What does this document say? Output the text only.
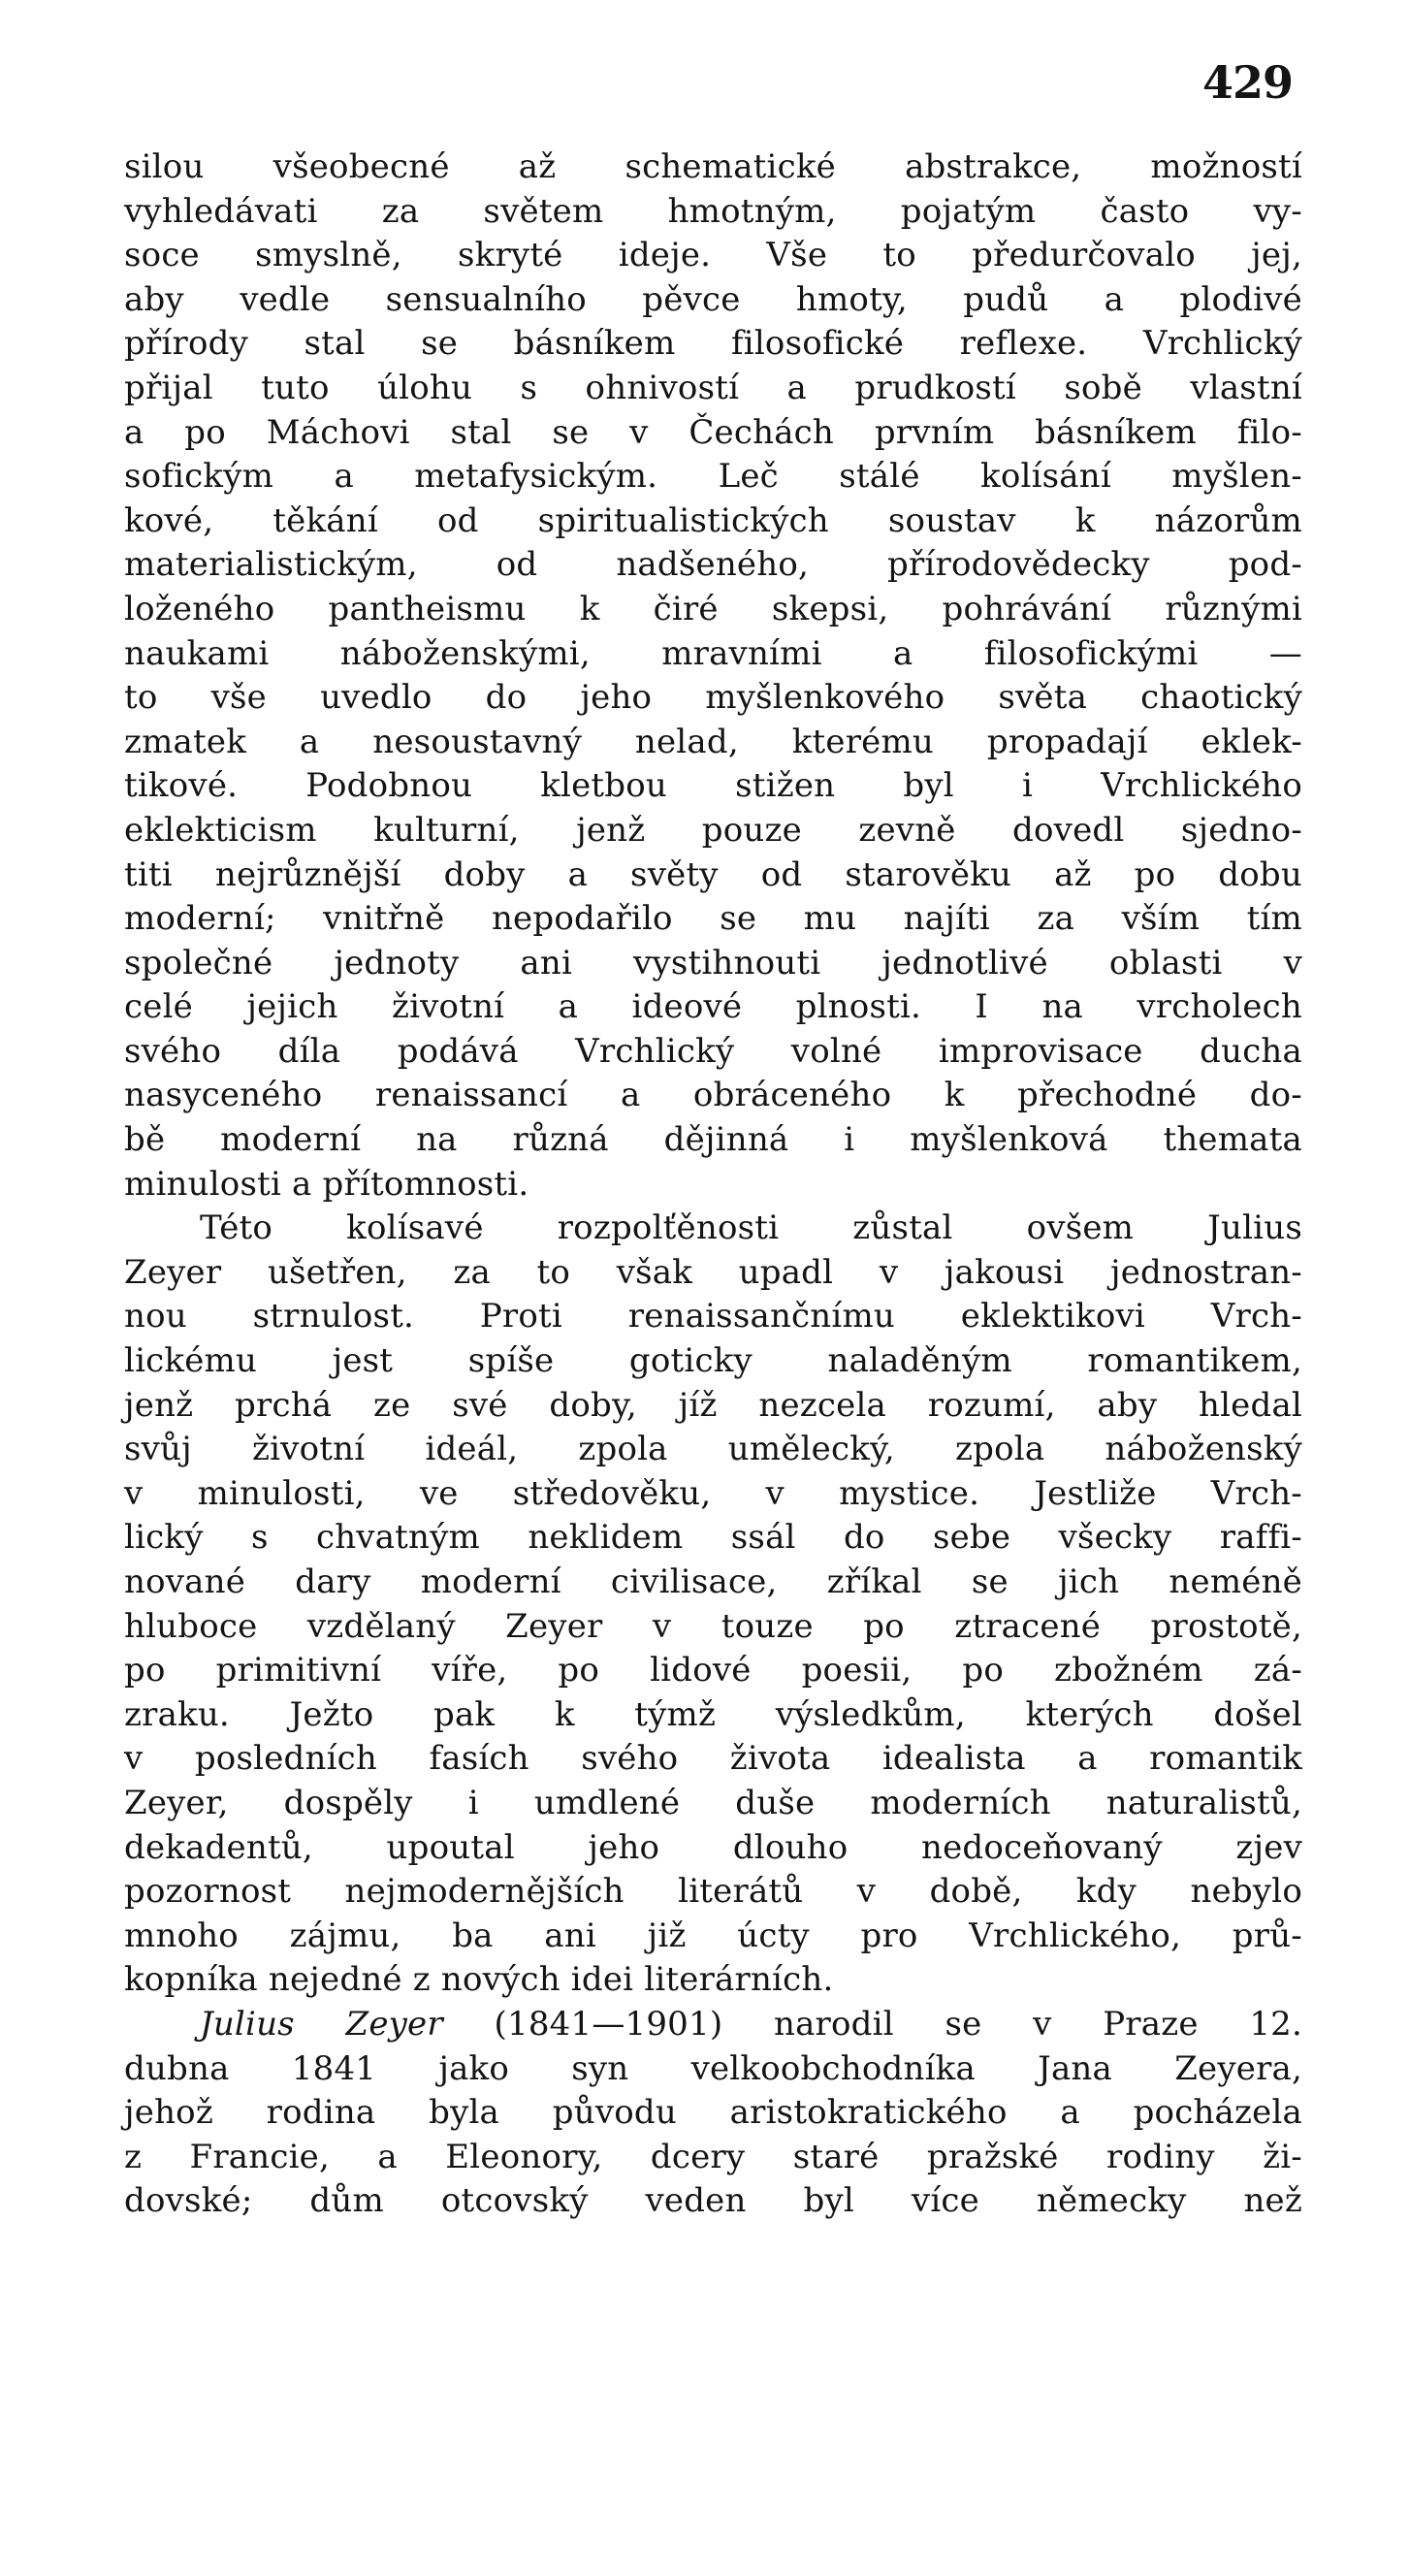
429
silou všeobecné až schematické abstrakce, možností
vyhledávati za světem hmotným, pojatým často vy-
soce smyslně, skryté ideje. Vše to předurčovalo jej,
aby vedle sensualního pěvce hmoty, pudů a plodivé
přírody stal se básníkem filosofické reflexe. Vrchlický
přijal tuto úlohu s ohnivostí a prudkostí sobě vlastní
a po Máchovi stal se v Čechách prvním básníkem filo-
sofickým a metafysickým. Leč stálé kolísání myšlen-
kové, těkání od spiritualistických soustav k názorům
materialistickým, od nadšeného, přírodovědecky pod-
loženého pantheismu k čiré skepsi, pohrávání různými
naukami náboženskými, mravními a filosofickými —
to vše uvedlo do jeho myšlenkového světa chaotický
zmatek a nesoustavný nelad, kterému propadají eklek-
tikové. Podobnou kletbou stižen byl i Vrchlického
eklekticism kulturní, jenž pouze zevně dovedl sjedno-
titi nejrůznější doby a světy od starověku až po dobu
moderní; vnitřně nepodařilo se mu najíti za vším tím
společné jednoty ani vystihnouti jednotlivé oblasti v
celé jejich životní a ideové plnosti. I na vrcholech
svého díla podává Vrchlický volné improvisace ducha
nasyceného renaissancí a obráceného k přechodné do-
bě moderní na různá dějinná i myšlenková themata
minulosti a přítomnosti.
Této kolísavé rozpolťěnosti zůstal ovšem Julius
Zeyer ušetřen, za to však upadl v jakousi jednostran-
nou strnulost. Proti renaissančnímu eklektikovi Vrch-
lickému jest spíše goticky naladěným romantikem,
jenž prchá ze své doby, jíž nezcela rozumí, aby hledal
svůj životní ideál, zpola umělecký, zpola náboženský
v minulosti, ve středověku, v mystice. Jestliže Vrch-
lický s chvatným neklidem ssál do sebe všecky raffi-
nované dary moderní civilisace, zříkal se jich neméně
hluboce vzdělaný Zeyer v touze po ztracené prostotě,
po primitivní víře, po lidové poesii, po zbožném zá-
zraku. Ježto pak k týmž výsledkům, kterých došel
v posledních fasích svého života idealista a romantik
Zeyer, dospěly i umdlené duše moderních naturalistů,
dekadentů, upoutal jeho dlouho nedoceňovaný zjev
pozornost nejmodernějších literátů v době, kdy nebylo
mnoho zájmu, ba ani již úcty pro Vrchlického, prů-
kopníka nejedné z nových idei literárních.
Julius Zeyer (1841—1901) narodil se v Praze 12.
dubna 1841 jako syn velkoobchodníka Jana Zeyera,
jehož rodina byla původu aristokratického a pocházela
z Francie, a Eleonory, dcery staré pražské rodiny ži-
dovské; dům otcovský veden byl více německy než
